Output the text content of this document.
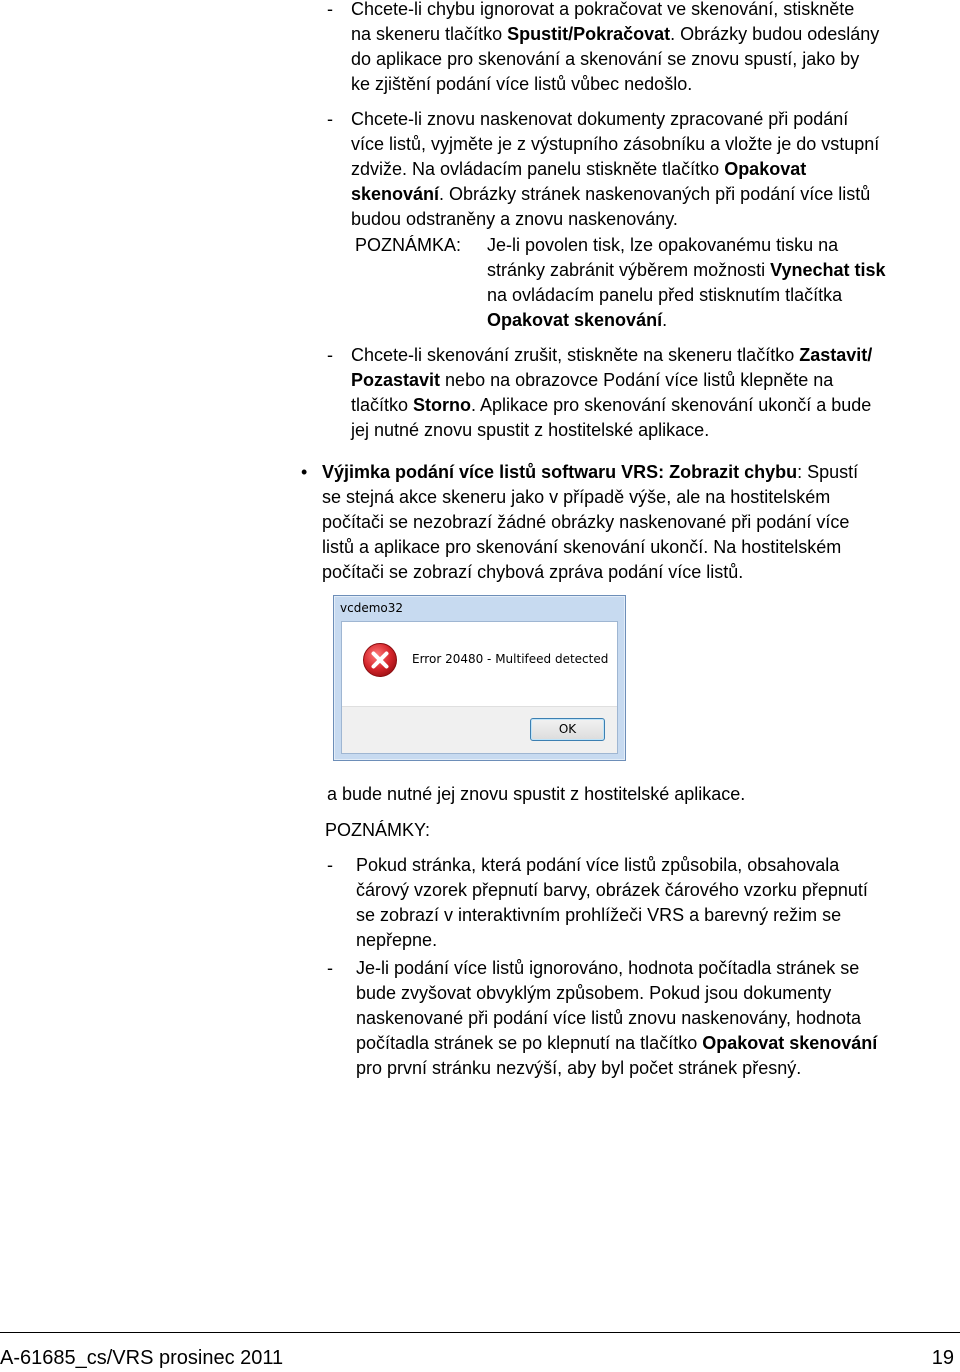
- Chcete-li chybu ignorovat a pokračovat ve skenování, stiskněte
na skeneru tlačítko Spustit/Pokračovat. Obrázky budou odeslány
do aplikace pro skenování a skenování se znovu spustí, jako by
ke zjištění podání více listů vůbec nedošlo.
- Chcete-li znovu naskenovat dokumenty zpracované při podání
více listů, vyjměte je z výstupního zásobníku a vložte je do vstupní
zdviže. Na ovládacím panelu stiskněte tlačítko Opakovat
skenování. Obrázky stránek naskenovaných při podání více listů
budou odstraněny a znovu naskenovány.
POZNÁMKA: Je-li povolen tisk, lze opakovanému tisku na
stránky zabránit výběrem možnosti Vynechat tisk
na ovládacím panelu před stisknutím tlačítka
Opakovat skenování.
- Chcete-li skenování zrušit, stiskněte na skeneru tlačítko Zastavit/
Pozastavit nebo na obrazovce Podání více listů klepněte na
tlačítko Storno. Aplikace pro skenování skenování ukončí a bude
jej nutné znovu spustit z hostitelské aplikace.
• Výjimka podání více listů softwaru VRS: Zobrazit chybu: Spustí
se stejná akce skeneru jako v případě výše, ale na hostitelském
počítači se nezobrazí žádné obrázky naskenované při podání více
listů a aplikace pro skenování skenování ukončí. Na hostitelském
počítači se zobrazí chybová zpráva podání více listů.
vcdemo32
Error 20480 - Multifeed detected
OK
a bude nutné jej znovu spustit z hostitelské aplikace.
POZNÁMKY:
- Pokud stránka, která podání více listů způsobila, obsahovala
čárový vzorek přepnutí barvy, obrázek čárového vzorku přepnutí
se zobrazí v interaktivním prohlížeči VRS a barevný režim se
nepřepne.
- Je-li podání více listů ignorováno, hodnota počítadla stránek se
bude zvyšovat obvyklým způsobem. Pokud jsou dokumenty
naskenované při podání více listů znovu naskenovány, hodnota
počítadla stránek se po klepnutí na tlačítko Opakovat skenování
pro první stránku nezvýší, aby byl počet stránek přesný.
A-61685_cs/VRS prosinec 2011	19
